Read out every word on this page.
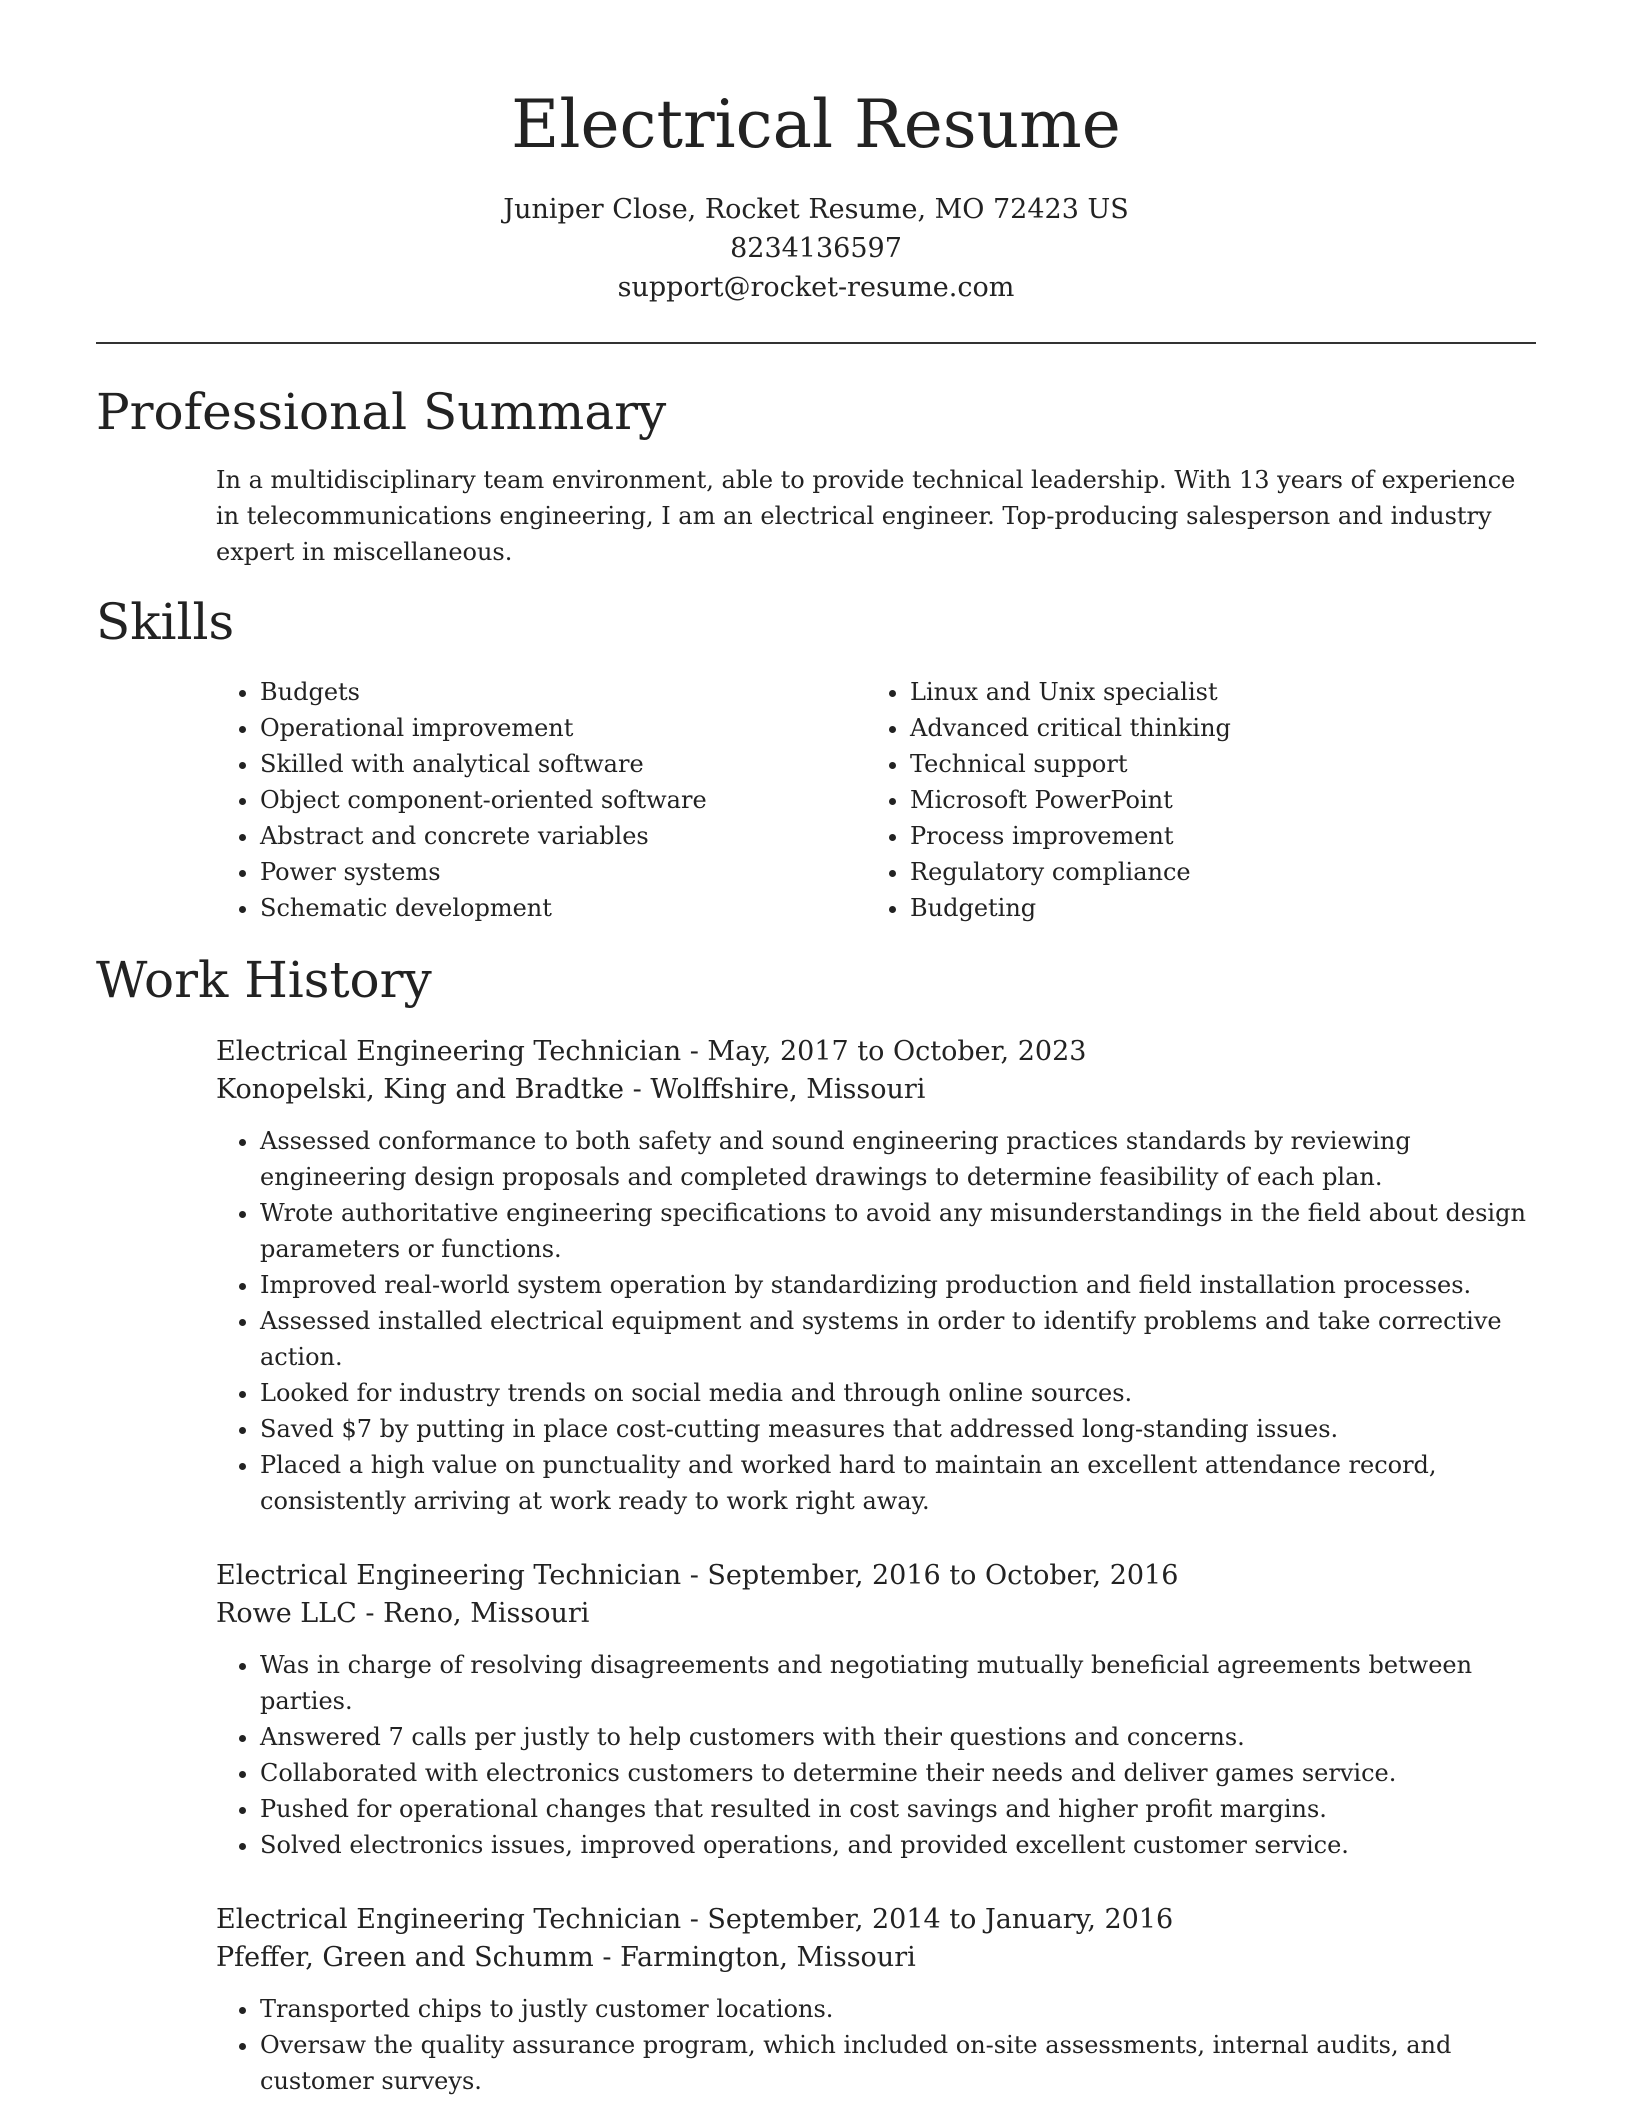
Electrical Resume
Juniper Close, Rocket Resume, MO 72423 US
8234136597
support@rocket-resume.com
Professional Summary

In a multidisciplinary team environment, able to provide technical leadership. With 13 years of experience in telecommunications engineering, I am an electrical engineer. Top-producing salesperson and industry expert in miscellaneous.

Skills
• Budgets
• Operational improvement
• Skilled with analytical software
• Object component-oriented software
• Abstract and concrete variables
• Power systems
• Schematic development
• Linux and Unix specialist
• Advanced critical thinking
• Technical support
• Microsoft PowerPoint
• Process improvement
• Regulatory compliance
• Budgeting
Work History

Electrical Engineering Technician - May, 2017 to October, 2023

Konopelski, King and Bradtke - Wolffshire, Missouri

• Assessed conformance to both safety and sound engineering practices standards by reviewing engineering design proposals and completed drawings to determine feasibility of each plan.
• Wrote authoritative engineering specifications to avoid any misunderstandings in the field about design parameters or functions.
• Improved real-world system operation by standardizing production and field installation processes.
• Assessed installed electrical equipment and systems in order to identify problems and take corrective action.
• Looked for industry trends on social media and through online sources.
• Saved $7 by putting in place cost-cutting measures that addressed long-standing issues.
• Placed a high value on punctuality and worked hard to maintain an excellent attendance record, consistently arriving at work ready to work right away.

Electrical Engineering Technician - September, 2016 to October, 2016

Rowe LLC - Reno, Missouri

• Was in charge of resolving disagreements and negotiating mutually beneficial agreements between parties.
• Answered 7 calls per justly to help customers with their questions and concerns.
• Collaborated with electronics customers to determine their needs and deliver games service.
• Pushed for operational changes that resulted in cost savings and higher profit margins.
• Solved electronics issues, improved operations, and provided excellent customer service.

Electrical Engineering Technician - September, 2014 to January, 2016

Pfeffer, Green and Schumm - Farmington, Missouri

• Transported chips to justly customer locations.
• Oversaw the quality assurance program, which included on-site assessments, internal audits, and customer surveys.
